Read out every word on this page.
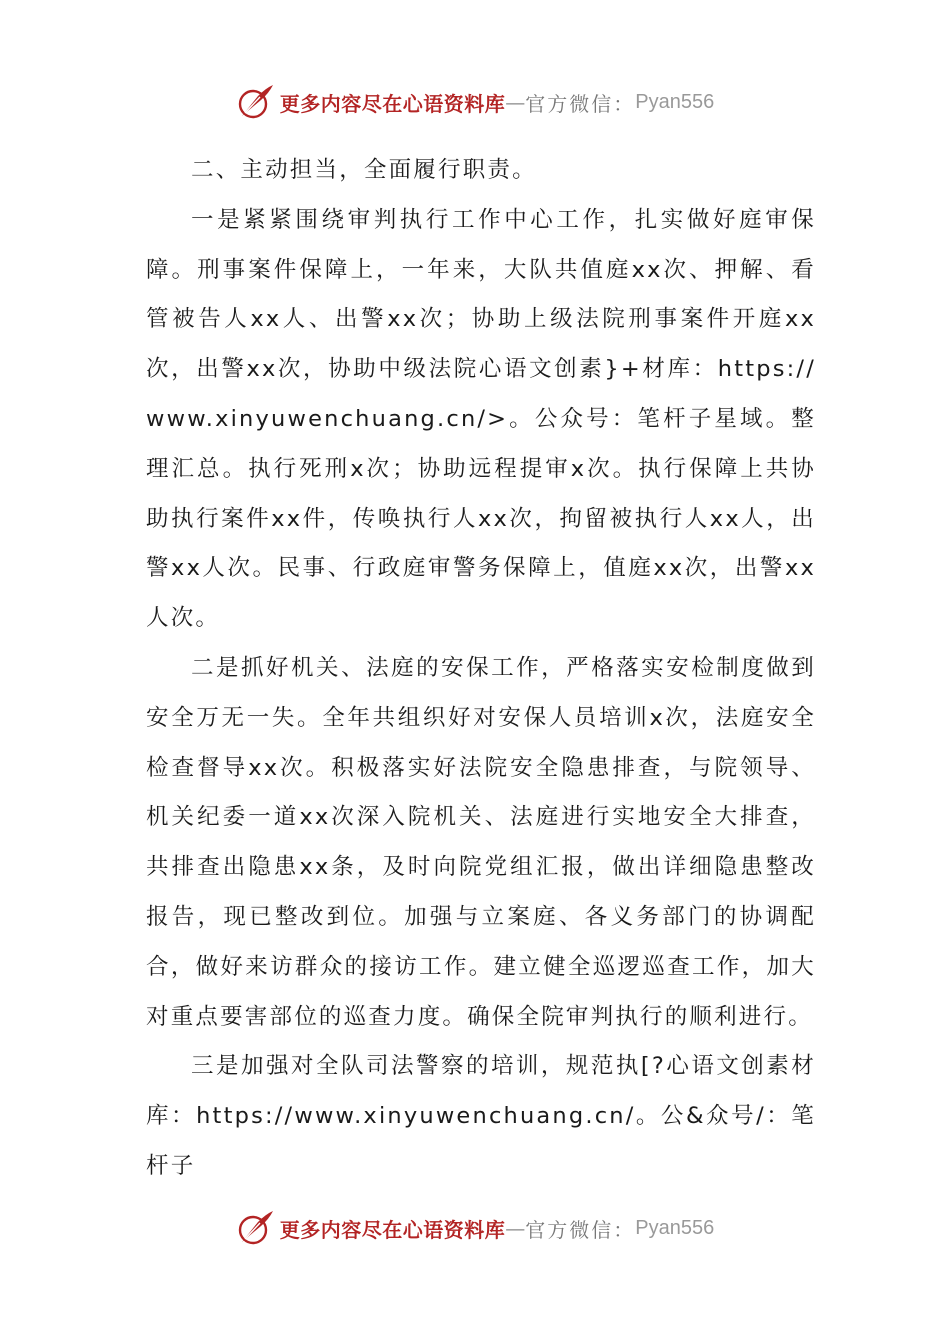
更多内容尽在心语资料库 — 官方微信： Pyan556

二、主动担当，全面履行职责。

一是紧紧围绕审判执行工作中心工作，扎实做好庭审保障。刑事案件保障上，一年来，大队共值庭xx次、押解、看管被告人xx人、出警xx次；协助上级法院刑事案件开庭xx次，出警xx次，协助中级法院心语文创素}+材库：https://www.xinyuwenchuang.cn/>。公众号：笔杆子星域。整理汇总。执行死刑x次；协助远程提审x次。执行保障上共协助执行案件xx件，传唤执行人xx次，拘留被执行人xx人，出警xx人次。民事、行政庭审警务保障上，值庭xx次，出警xx人次。

二是抓好机关、法庭的安保工作，严格落实安检制度做到安全万无一失。全年共组织好对安保人员培训x次，法庭安全检查督导xx次。积极落实好法院安全隐患排查，与院领导、机关纪委一道xx次深入院机关、法庭进行实地安全大排查，共排查出隐患xx条，及时向院党组汇报，做出详细隐患整改报告，现已整改到位。加强与立案庭、各义务部门的协调配合，做好来访群众的接访工作。建立健全巡逻巡查工作，加大对重点要害部位的巡查力度。确保全院审判执行的顺利进行。

三是加强对全队司法警察的培训，规范执[?心语文创素材库：https://www.xinyuwenchuang.cn/。公&众号/：笔杆子

更多内容尽在心语资料库 — 官方微信： Pyan556
